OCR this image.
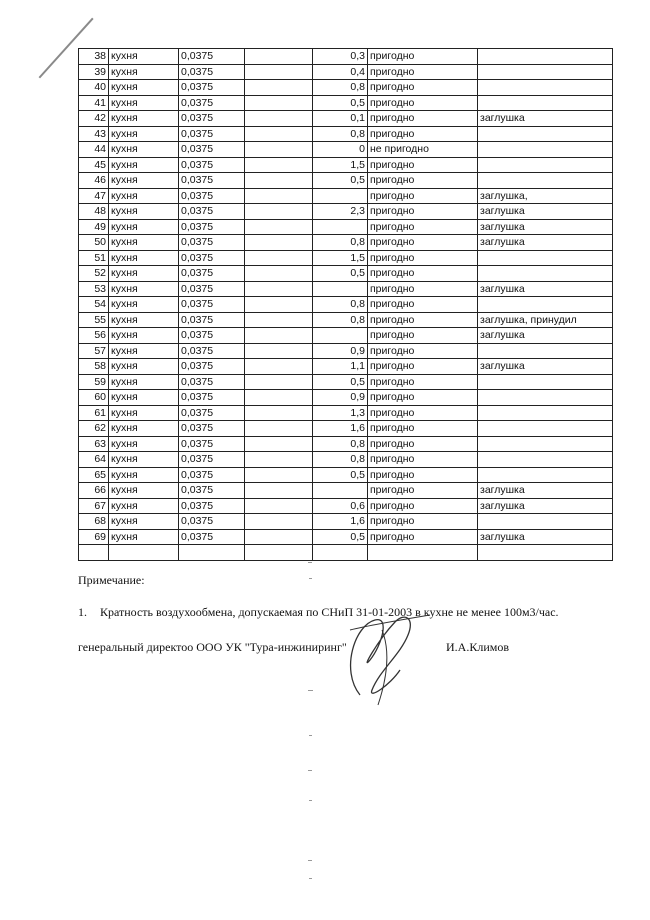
38	кухня	0,0375		0,3	пригодно	
39	кухня	0,0375		0,4	пригодно	
40	кухня	0,0375		0,8	пригодно	
41	кухня	0,0375		0,5	пригодно	
42	кухня	0,0375		0,1	пригодно	заглушка
43	кухня	0,0375		0,8	пригодно	
44	кухня	0,0375		0	не пригодно	
45	кухня	0,0375		1,5	пригодно	
46	кухня	0,0375		0,5	пригодно	
47	кухня	0,0375			пригодно	заглушка,
48	кухня	0,0375		2,3	пригодно	заглушка
49	кухня	0,0375			пригодно	заглушка
50	кухня	0,0375		0,8	пригодно	заглушка
51	кухня	0,0375		1,5	пригодно	
52	кухня	0,0375		0,5	пригодно	
53	кухня	0,0375			пригодно	заглушка
54	кухня	0,0375		0,8	пригодно	
55	кухня	0,0375		0,8	пригодно	заглушка, принудил
56	кухня	0,0375			пригодно	заглушка
57	кухня	0,0375		0,9	пригодно	
58	кухня	0,0375		1,1	пригодно	заглушка
59	кухня	0,0375		0,5	пригодно	
60	кухня	0,0375		0,9	пригодно	
61	кухня	0,0375		1,3	пригодно	
62	кухня	0,0375		1,6	пригодно	
63	кухня	0,0375		0,8	пригодно	
64	кухня	0,0375		0,8	пригодно	
65	кухня	0,0375		0,5	пригодно	
66	кухня	0,0375			пригодно	заглушка
67	кухня	0,0375		0,6	пригодно	заглушка
68	кухня	0,0375		1,6	пригодно	
69	кухня	0,0375		0,5	пригодно	заглушка

Примечание:
1. Кратность воздухообмена, допускаемая по СНиП 31-01-2003 в кухне не менее 100м3/час.
генеральный директоо ООО УК "Тура-инжиниринг"	И.А.Климов
